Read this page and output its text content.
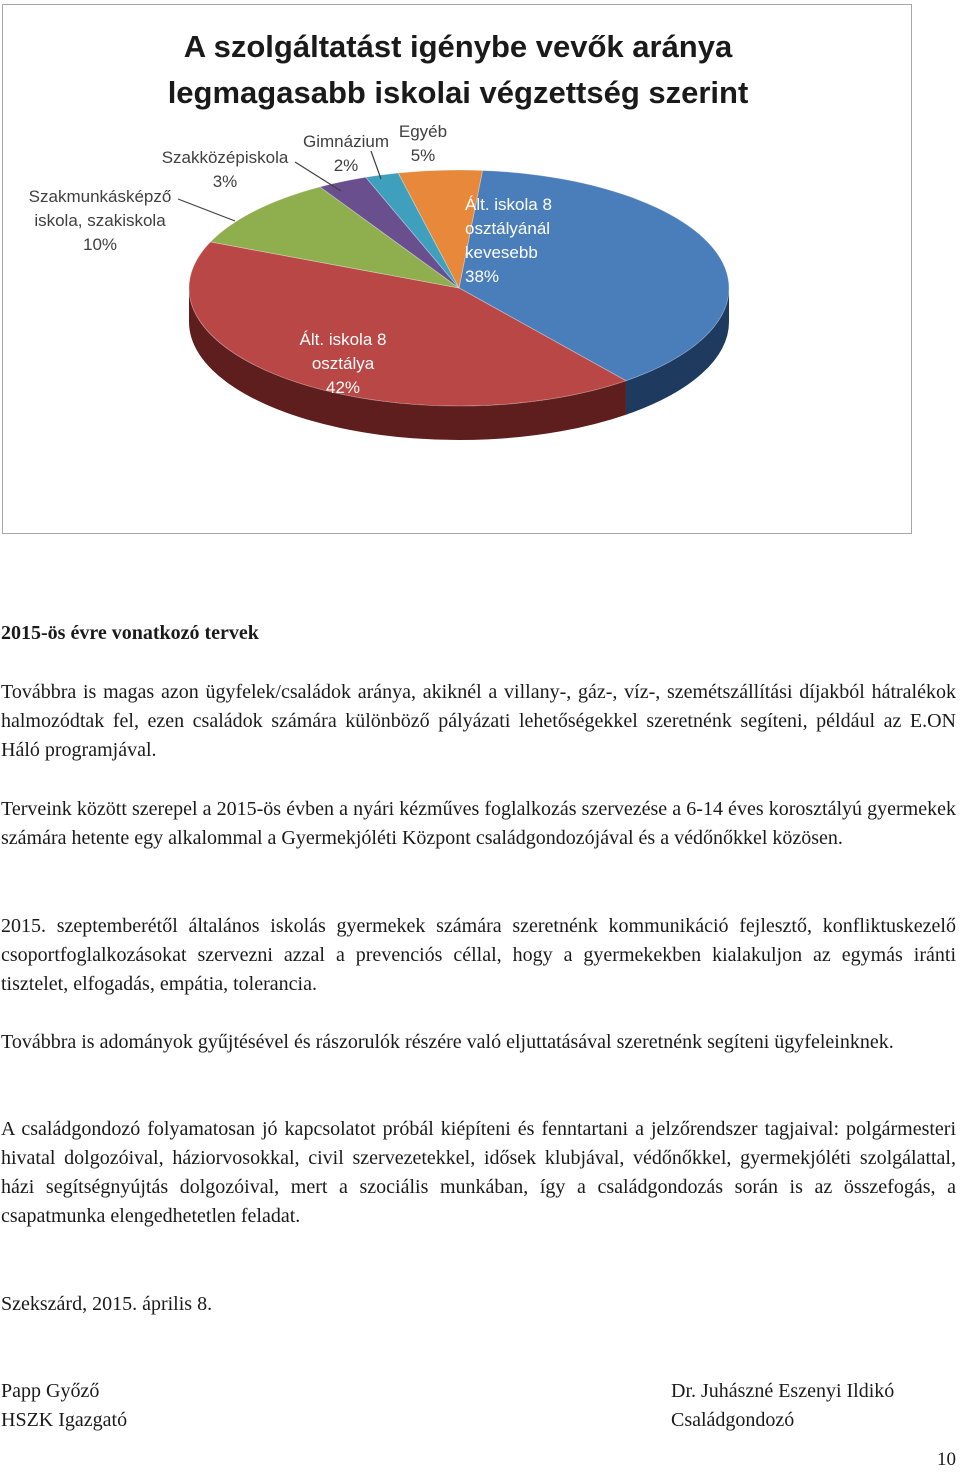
Ált. iskola 8
osztályánál
kevesebb
38%
Ált. iskola 8
osztálya
42%
Szakmunkásképző
iskola, szakiskola
10%
Szakközépiskola
3%
Gimnázium
2%
Egyéb
5%
A szolgáltatást igénybe vevők aránya
legmagasabb iskolai végzettség szerint
2015-ös évre vonatkozó tervek

Továbbra is magas azon ügyfelek/családok aránya, akiknél a villany-, gáz-, víz-, szemétszállítási díjakból hátralékok halmozódtak fel, ezen családok számára különböző pályázati lehetőségekkel szeretnénk segíteni, például az E.ON Háló programjával.

Terveink között szerepel a 2015-ös évben a nyári kézműves foglalkozás szervezése a 6-14 éves korosztályú gyermekek számára hetente egy alkalommal a Gyermekjóléti Központ családgondozójával és a védőnőkkel közösen.

2015. szeptemberétől általános iskolás gyermekek számára szeretnénk kommunikáció fejlesztő, konfliktuskezelő csoportfoglalkozásokat szervezni azzal a prevenciós céllal, hogy a gyermekekben kialakuljon az egymás iránti tisztelet, elfogadás, empátia, tolerancia.

Továbbra is adományok gyűjtésével és rászorulók részére való eljuttatásával szeretnénk segíteni ügyfeleinknek.

A családgondozó folyamatosan jó kapcsolatot próbál kiépíteni és fenntartani a jelzőrendszer tagjaival: polgármesteri hivatal dolgozóival, háziorvosokkal, civil szervezetekkel, idősek klubjával, védőnőkkel, gyermekjóléti szolgálattal, házi segítségnyújtás dolgozóival, mert a szociális munkában, így a családgondozás során is az összefogás, a csapatmunka elengedhetetlen feladat.

Szekszárd, 2015. április 8.

Papp Győző

HSZK Igazgató

Dr. Juhászné Eszenyi Ildikó

Családgondozó

10
